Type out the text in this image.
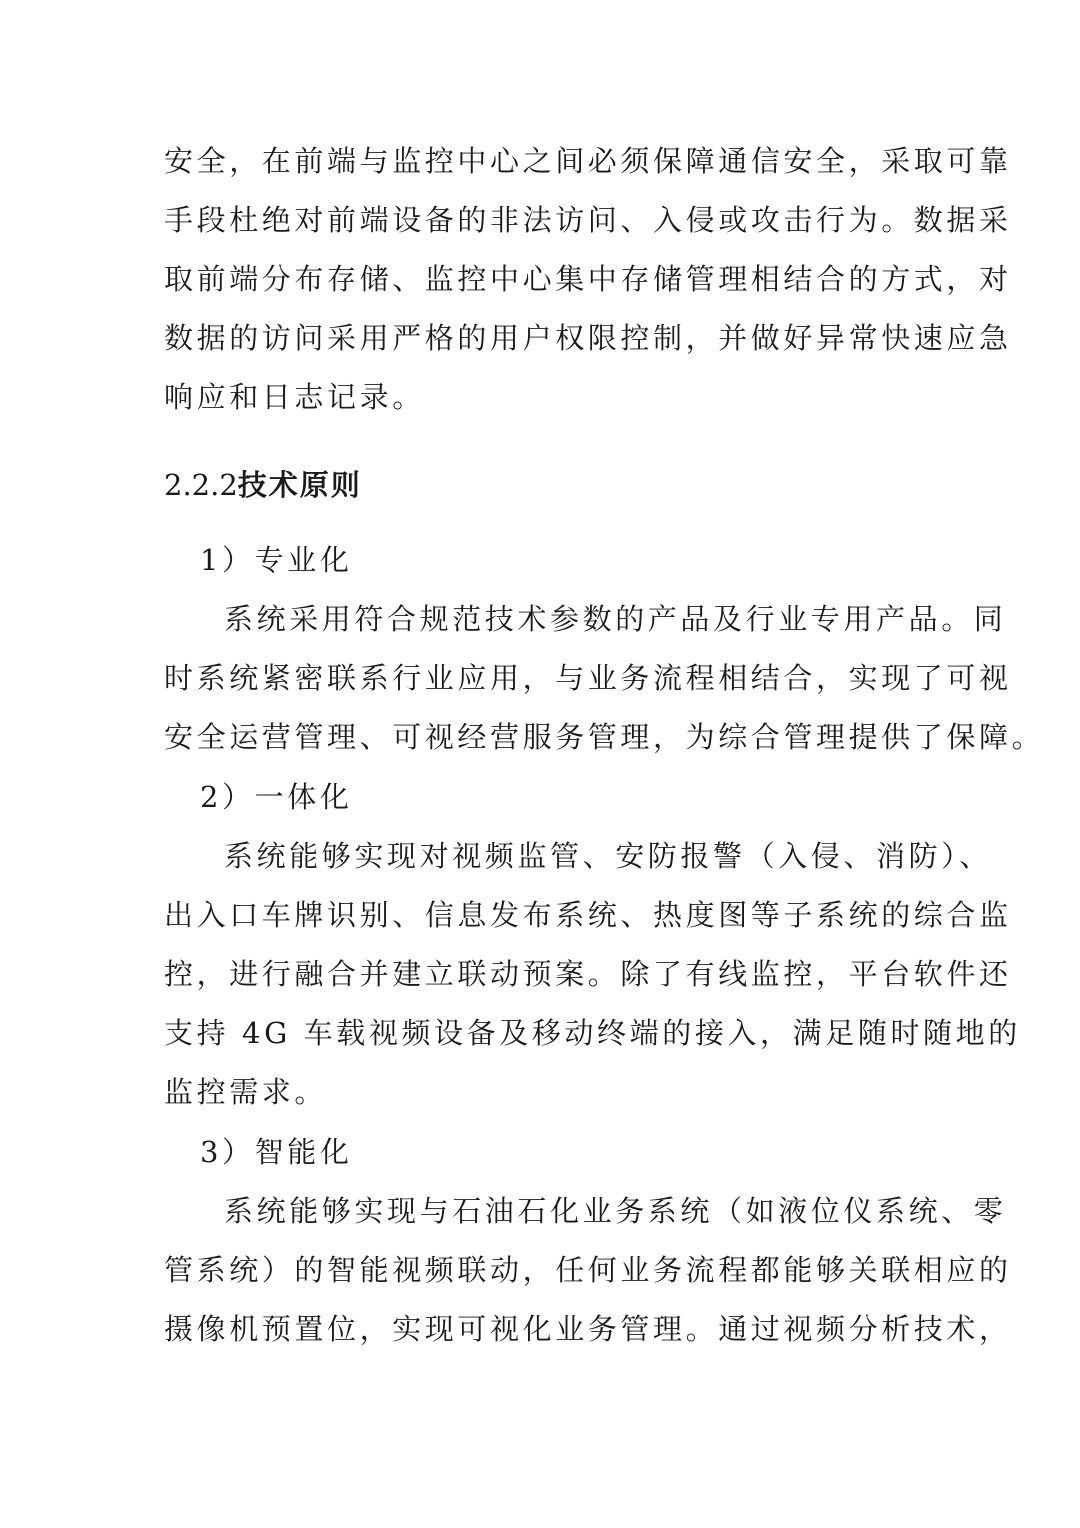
安全，在前端与监控中心之间必须保障通信安全，采取可靠
手段杜绝对前端设备的非法访问、入侵或攻击行为。数据采
取前端分布存储、监控中心集中存储管理相结合的方式，对
数据的访问采用严格的用户权限控制，并做好异常快速应急
响应和日志记录。
2.2.2技术原则
1）专业化
系统采用符合规范技术参数的产品及行业专用产品。同
时系统紧密联系行业应用，与业务流程相结合，实现了可视
安全运营管理、可视经营服务管理，为综合管理提供了保障。
2）一体化
系统能够实现对视频监管、安防报警（入侵、消防）、
出入口车牌识别、信息发布系统、热度图等子系统的综合监
控，进行融合并建立联动预案。除了有线监控，平台软件还
支持 4G 车载视频设备及移动终端的接入，满足随时随地的
监控需求。
3）智能化
系统能够实现与石油石化业务系统（如液位仪系统、零
管系统）的智能视频联动，任何业务流程都能够关联相应的
摄像机预置位，实现可视化业务管理。通过视频分析技术，
